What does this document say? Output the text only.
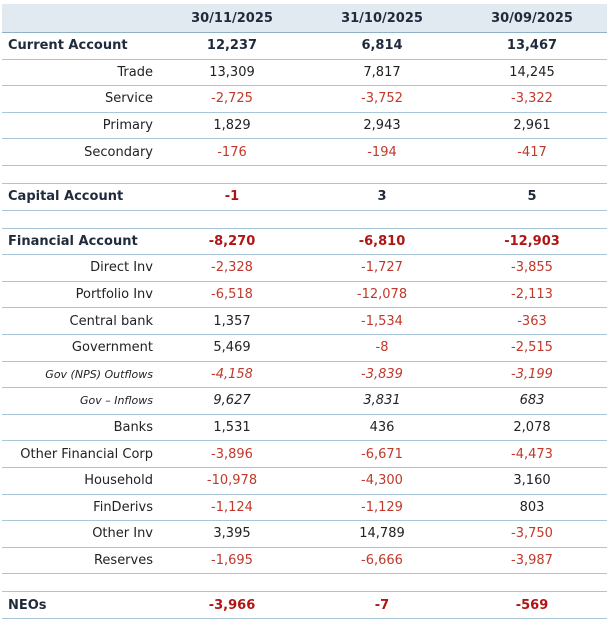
	30/11/2025	31/10/2025	30/09/2025
Current Account	12,237	6,814	13,467
Trade	13,309	7,817	14,245
Service	-2,725	-3,752	-3,322
Primary	1,829	2,943	2,961
Secondary	-176	-194	-417

Capital Account	-1	3	5

Financial Account	-8,270	-6,810	-12,903
Direct Inv	-2,328	-1,727	-3,855
Portfolio Inv	-6,518	-12,078	-2,113
Central bank	1,357	-1,534	-363
Government	5,469	-8	-2,515
Gov (NPS) Outflows	-4,158	-3,839	-3,199
Gov – Inflows	9,627	3,831	683
Banks	1,531	436	2,078
Other Financial Corp	-3,896	-6,671	-4,473
Household	-10,978	-4,300	3,160
FinDerivs	-1,124	-1,129	803
Other Inv	3,395	14,789	-3,750
Reserves	-1,695	-6,666	-3,987

NEOs	-3,966	-7	-569
